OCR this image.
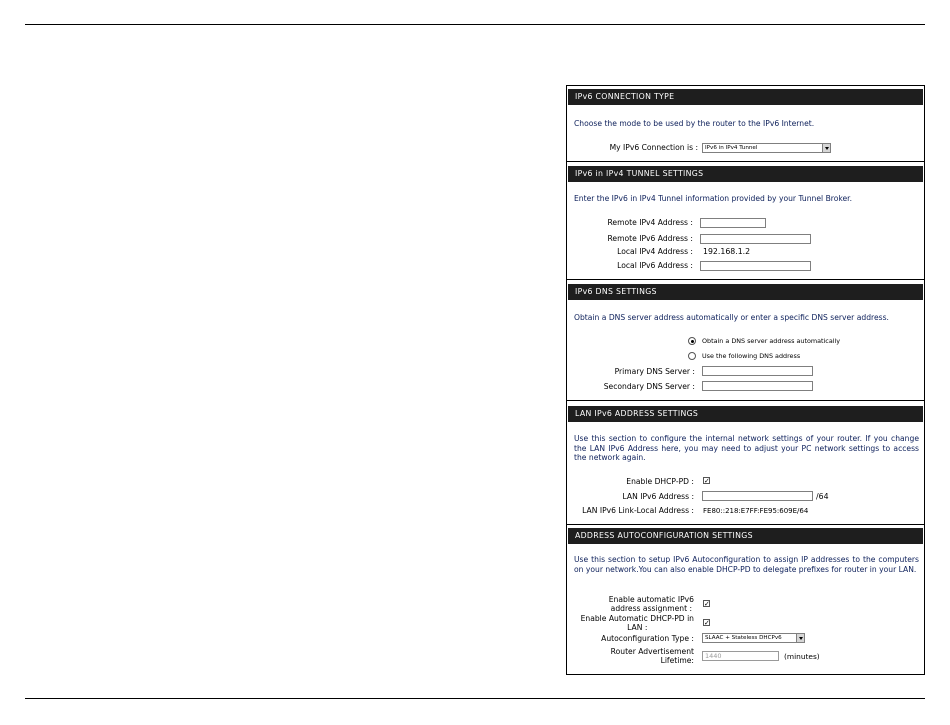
IPv6 CONNECTION TYPE
Choose the mode to be used by the router to the IPv6 Internet.
My IPv6 Connection is :	IPv6 in IPv4 Tunnel
IPv6 in IPv4 TUNNEL SETTINGS
Enter the IPv6 in IPv4 Tunnel information provided by your Tunnel Broker.
Remote IPv4 Address :
Remote IPv6 Address :
Local IPv4 Address : 192.168.1.2
Local IPv6 Address :
IPv6 DNS SETTINGS
Obtain a DNS server address automatically or enter a specific DNS server address.
Obtain a DNS server address automatically
Use the following DNS address
Primary DNS Server :
Secondary DNS Server :
LAN IPv6 ADDRESS SETTINGS
Use this section to configure the internal network settings of your router. If you change the LAN IPv6 Address here, you may need to adjust your PC network settings to access the network again.
Enable DHCP-PD : ✓
LAN IPv6 Address :	/64
LAN IPv6 Link-Local Address : FE80::218:E7FF:FE95:609E/64
ADDRESS AUTOCONFIGURATION SETTINGS
Use this section to setup IPv6 Autoconfiguration to assign IP addresses to the computers on your network.You can also enable DHCP-PD to delegate prefixes for router in your LAN.
Enable automatic IPv6
address assignment : ✓
Enable Automatic DHCP-PD in
LAN :	✓
Autoconfiguration Type :	SLAAC + Stateless DHCPv6
Router Advertisement
Lifetime:	1440	(minutes)
